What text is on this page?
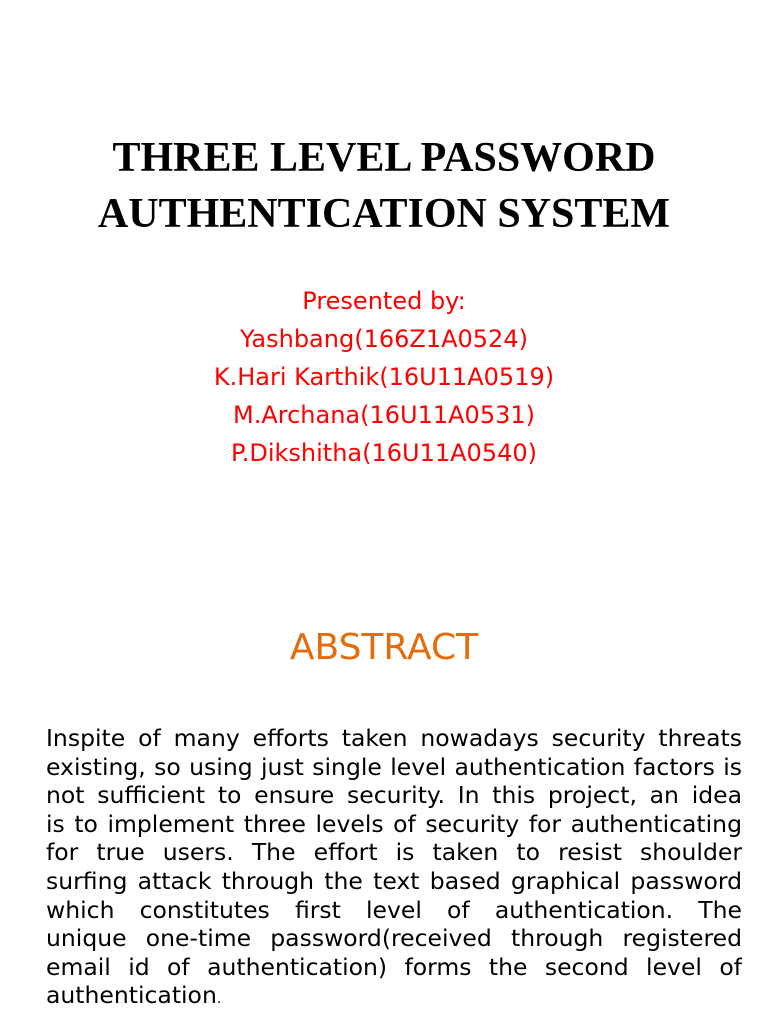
THREE LEVEL PASSWORD
AUTHENTICATION SYSTEM
Presented by:
Yashbang(166Z1A0524)
K.Hari Karthik(16U11A0519)
M.Archana(16U11A0531)
P.Dikshitha(16U11A0540)
ABSTRACT
Inspite of many efforts taken nowadays security threats
existing, so using just single level authentication factors is
not sufficient to ensure security. In this project, an idea
is to implement three levels of security for authenticating
for true users. The effort is taken to resist shoulder
surfing attack through the text based graphical password
which constitutes first level of authentication. The
unique one-time password(received through registered
email id of authentication) forms the second level of
authentication.
